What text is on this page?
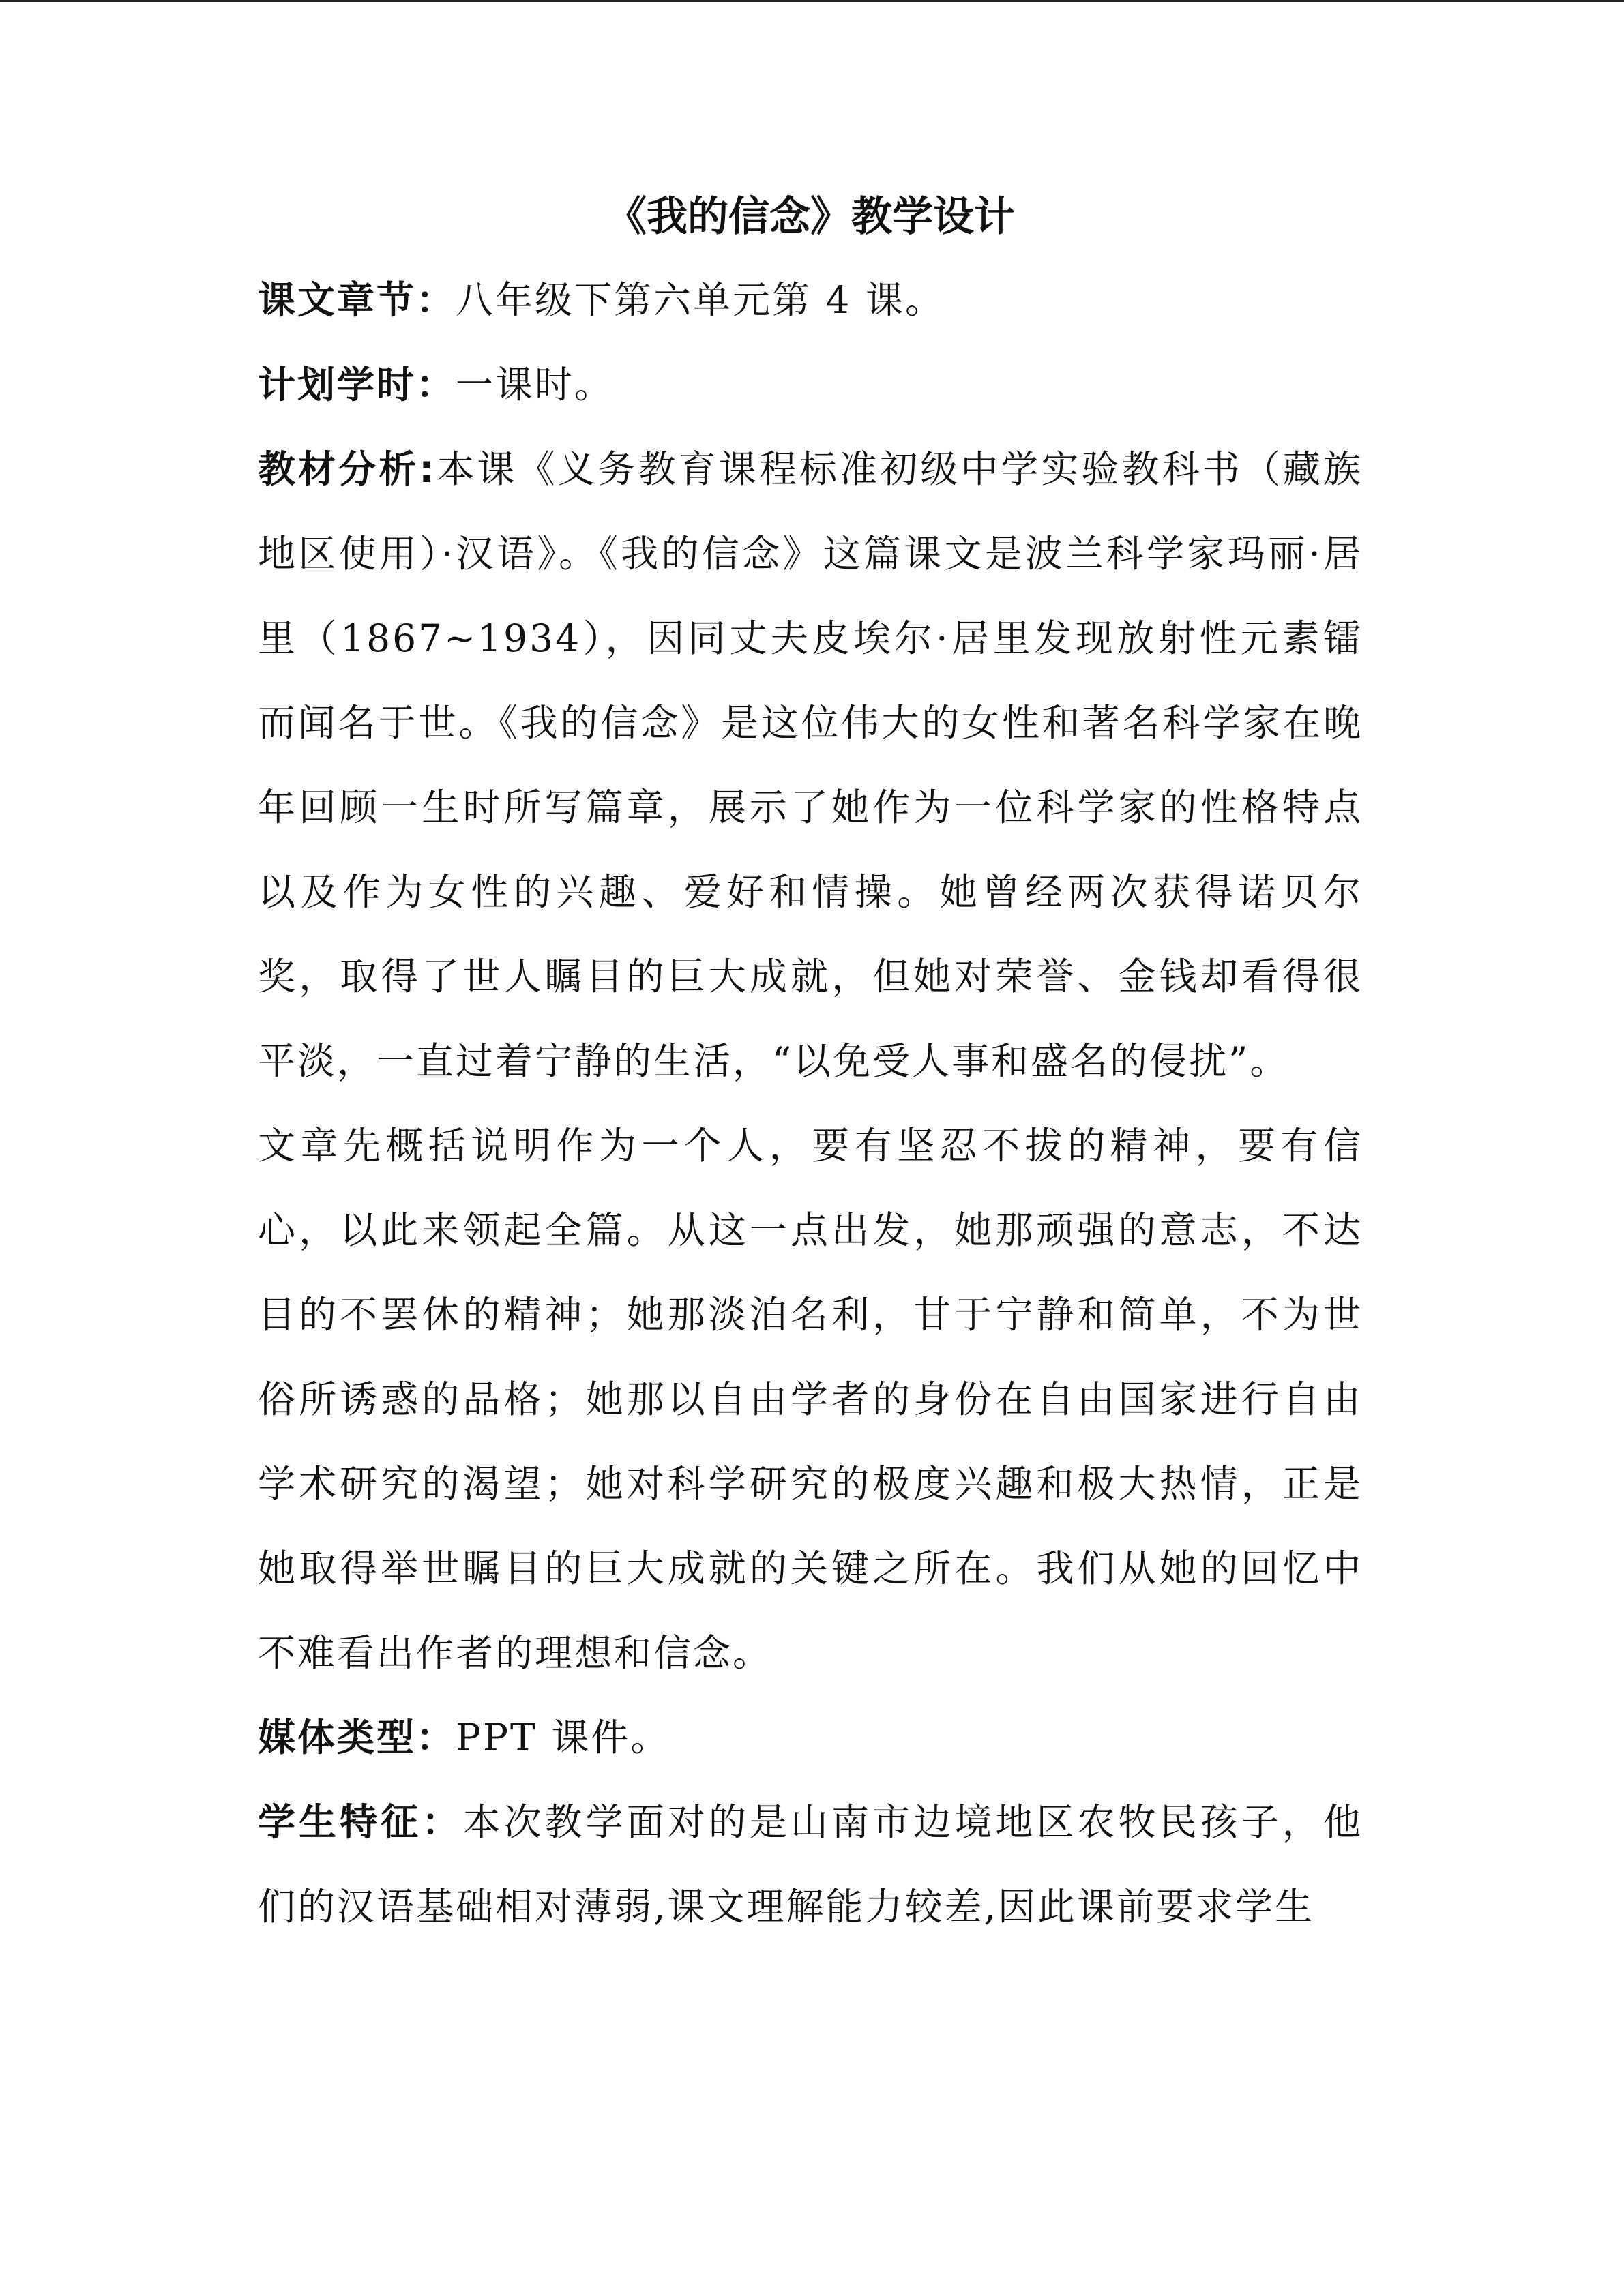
《我的信念》教学设计

课文章节：八年级下第六单元第 4 课。

计划学时：一课时。

教材分析:本课《义务教育课程标准初级中学实验教科书（藏族地区使用）·汉语》。《我的信念》这篇课文是波兰科学家玛丽·居里（1867~1934），因同丈夫皮埃尔·居里发现放射性元素镭而闻名于世。《我的信念》是这位伟大的女性和著名科学家在晚年回顾一生时所写篇章，展示了她作为一位科学家的性格特点以及作为女性的兴趣、爱好和情操。她曾经两次获得诺贝尔奖，取得了世人瞩目的巨大成就，但她对荣誉、金钱却看得很平淡，一直过着宁静的生活，“以免受人事和盛名的侵扰”。

文章先概括说明作为一个人，要有坚忍不拔的精神，要有信心，以此来领起全篇。从这一点出发，她那顽强的意志，不达目的不罢休的精神；她那淡泊名利，甘于宁静和简单，不为世俗所诱惑的品格；她那以自由学者的身份在自由国家进行自由学术研究的渴望；她对科学研究的极度兴趣和极大热情，正是她取得举世瞩目的巨大成就的关键之所在。我们从她的回忆中不难看出作者的理想和信念。

媒体类型：PPT 课件。

学生特征：本次教学面对的是山南市边境地区农牧民孩子，他们的汉语基础相对薄弱,课文理解能力较差,因此课前要求学生
